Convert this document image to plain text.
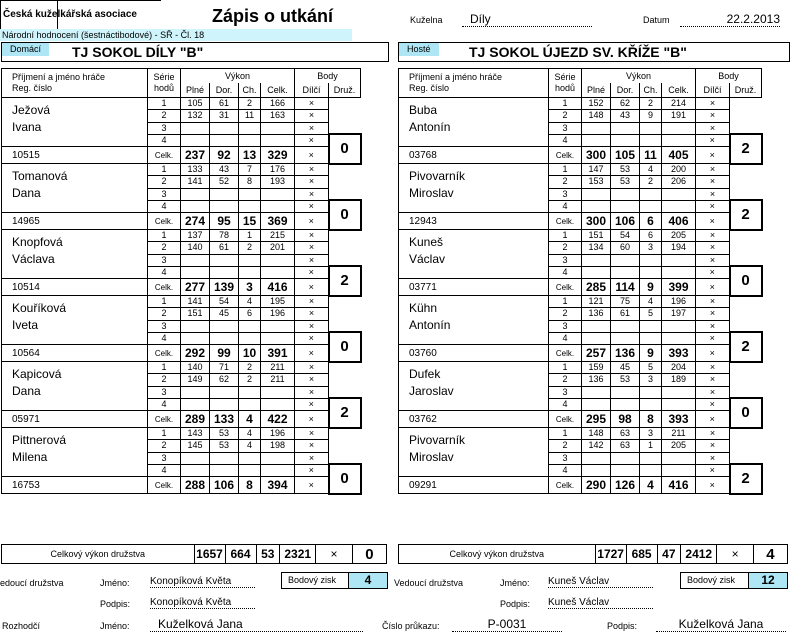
Česká kuželkářská asociace	Zápis o utkání
Národní hodnocení (šestnáctibodové) - SŘ - Čl. 18
Kuželna	Díly	Datum	22.2.2013
Domácí	TJ SOKOL DÍLY "B"	Hosté	TJ SOKOL ÚJEZD SV. KŘÍŽE "B"
Příjmení a jméno hráče
Reg. číslo	Série
hodů	Výkon				Body	
		Plné	Dor.	Ch.	Celk.	Dílčí	Druž.
Ježová	1	105	61	2	166	×	
	2	132	31	11	163	×	
Ivana	3					×	
	4					×	0
10515	Celk.	237	92	13	329	×	
Tomanová	1	133	43	7	176	×	
	2	141	52	8	193	×	
Dana	3					×	
	4					×	0
14965	Celk.	274	95	15	369	×	
Knopfová	1	137	78	1	215	×	
	2	140	61	2	201	×	
Václava	3					×	
	4					×	2
10514	Celk.	277	139	3	416	×	
Kouříková	1	141	54	4	195	×	
	2	151	45	6	196	×	
Iveta	3					×	
	4					×	0
10564	Celk.	292	99	10	391	×	
Kapicová	1	140	71	2	211	×	
	2	149	62	2	211	×	
Dana	3					×	
	4					×	2
05971	Celk.	289	133	4	422	×	
Pittnerová	1	143	53	4	196	×	
	2	145	53	4	198	×	
Milena	3					×	
	4					×	0
16753	Celk.	288	106	8	394	×	
Příjmení a jméno hráče
Reg. číslo	Série
hodů	Výkon				Body	
		Plné	Dor.	Ch.	Celk.	Dílčí	Druž.
Buba	1	152	62	2	214	×	
	2	148	43	9	191	×	
Antonín	3					×	
	4					×	2
03768	Celk.	300	105	11	405	×	
Pivovarník	1	147	53	4	200	×	
	2	153	53	2	206	×	
Miroslav	3					×	
	4					×	2
12943	Celk.	300	106	6	406	×	
Kuneš	1	151	54	6	205	×	
	2	134	60	3	194	×	
Václav	3					×	
	4					×	0
03771	Celk.	285	114	9	399	×	
Kühn	1	121	75	4	196	×	
	2	136	61	5	197	×	
Antonín	3					×	
	4					×	2
03760	Celk.	257	136	9	393	×	
Dufek	1	159	45	5	204	×	
	2	136	53	3	189	×	
Jaroslav	3					×	
	4					×	0
03762	Celk.	295	98	8	393	×	
Pivovarník	1	148	63	3	211	×	
	2	142	63	1	205	×	
Miroslav	3					×	
	4					×	2
09291	Celk.	290	126	4	416	×	
Celkový výkon družstva	1657	664	53	2321	×	0	Celkový výkon družstva	1727	685	47	2412	×	4
edoucí družstva	Jméno: Konopíková Květa	Bodový zisk	4
Podpis: Konopíková Květa
Vedoucí družstva	Jméno: Kuneš Václav	Bodový zisk	12
Podpis: Kuneš Václav
Rozhodčí	Jméno:	Kuželková Jana	Číslo průkazu:	P-0031	Podpis:	Kuželková Jana
